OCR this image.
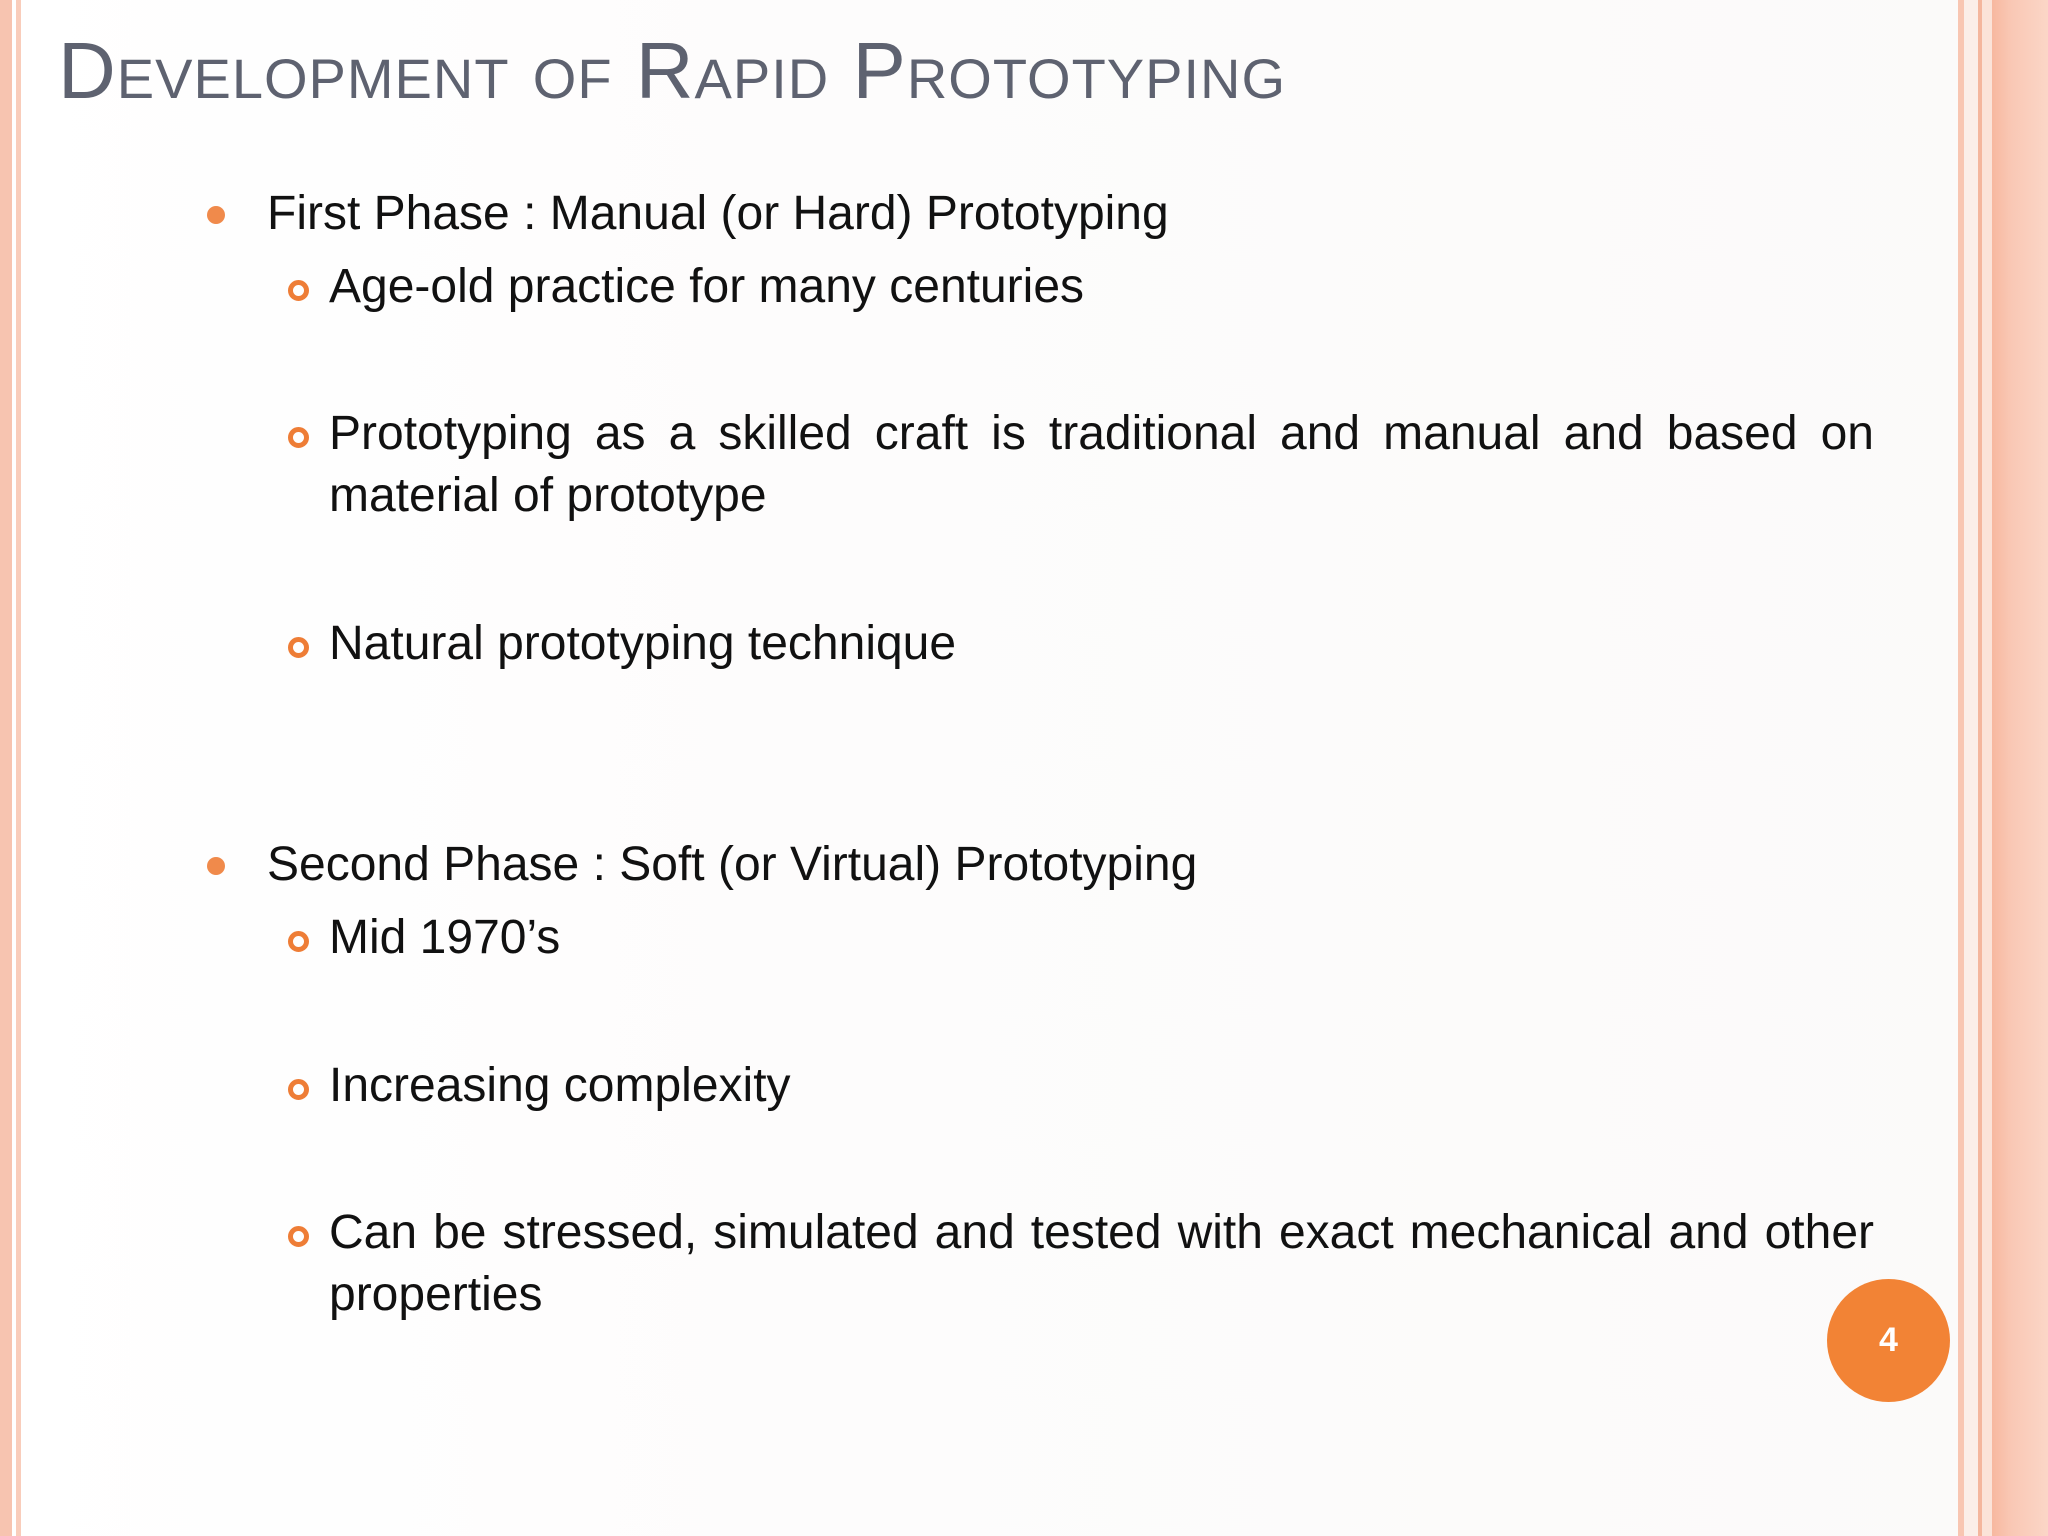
Development of Rapid Prototyping
First Phase : Manual (or Hard) Prototyping
Age-old practice for many centuries
Prototyping as a skilled craft is traditional and manual and based on material of prototype
Natural prototyping technique
Second Phase : Soft (or Virtual) Prototyping
Mid 1970’s
Increasing complexity
Can be stressed, simulated and tested with exact mechanical and other properties
4
